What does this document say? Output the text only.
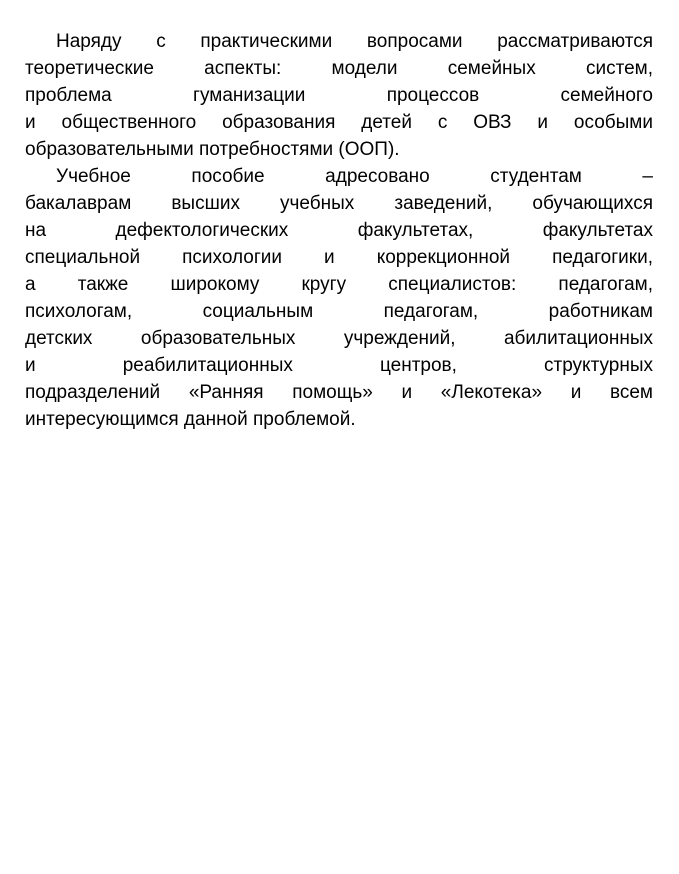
Наряду с практическими вопросами рассматриваются
теоретические аспекты: модели семейных систем,
проблема гуманизации процессов семейного
и общественного образования детей с ОВЗ и особыми
образовательными потребностями (ООП).

Учебное пособие адресовано студентам –
бакалаврам высших учебных заведений, обучающихся
на дефектологических факультетах, факультетах
специальной психологии и коррекционной педагогики,
а также широкому кругу специалистов: педагогам,
психологам, социальным педагогам, работникам
детских образовательных учреждений, абилитационных
и реабилитационных центров, структурных
подразделений «Ранняя помощь» и «Лекотека» и всем
интересующимся данной проблемой.
